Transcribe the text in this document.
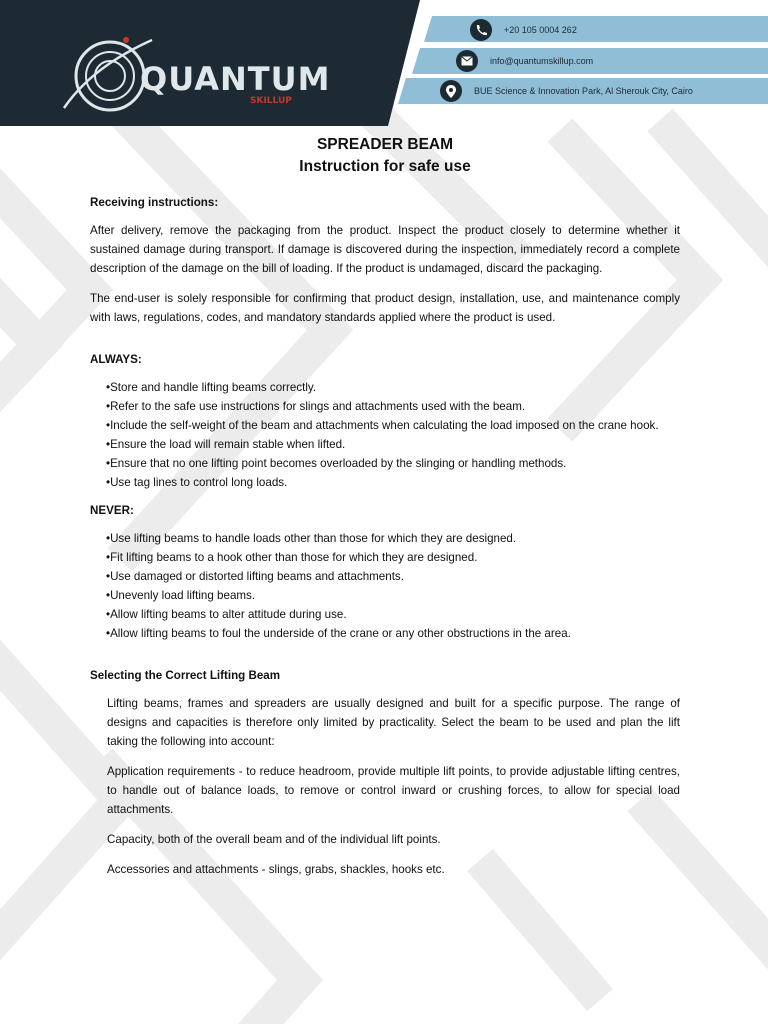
QUANTUM
SKILLUP
+20 105 0004 262
info@quantumskillup.com
BUE Science & Innovation Park, Al Sherouk City, Cairo
SPREADER BEAM
Instruction for safe use
Receiving instructions:

After delivery, remove the packaging from the product. Inspect the product closely to determine whether it sustained damage during transport. If damage is discovered during the inspection, immediately record a complete description of the damage on the bill of loading. If the product is undamaged, discard the packaging.

The end-user is solely responsible for confirming that product design, installation, use, and maintenance comply with laws, regulations, codes, and mandatory standards applied where the product is used.

ALWAYS:
• Store and handle lifting beams correctly.
• Refer to the safe use instructions for slings and attachments used with the beam.
• Include the self-weight of the beam and attachments when calculating the load imposed on the crane hook.
• Ensure the load will remain stable when lifted.
• Ensure that no one lifting point becomes overloaded by the slinging or handling methods.
• Use tag lines to control long loads.
NEVER:
• Use lifting beams to handle loads other than those for which they are designed.
• Fit lifting beams to a hook other than those for which they are designed.
• Use damaged or distorted lifting beams and attachments.
• Unevenly load lifting beams.
• Allow lifting beams to alter attitude during use.
• Allow lifting beams to foul the underside of the crane or any other obstructions in the area.
Selecting the Correct Lifting Beam

Lifting beams, frames and spreaders are usually designed and built for a specific purpose. The range of designs and capacities is therefore only limited by practicality. Select the beam to be used and plan the lift taking the following into account:

Application requirements - to reduce headroom, provide multiple lift points, to provide adjustable lifting centres, to handle out of balance loads, to remove or control inward or crushing forces, to allow for special load attachments.

Capacity, both of the overall beam and of the individual lift points.

Accessories and attachments - slings, grabs, shackles, hooks etc.
